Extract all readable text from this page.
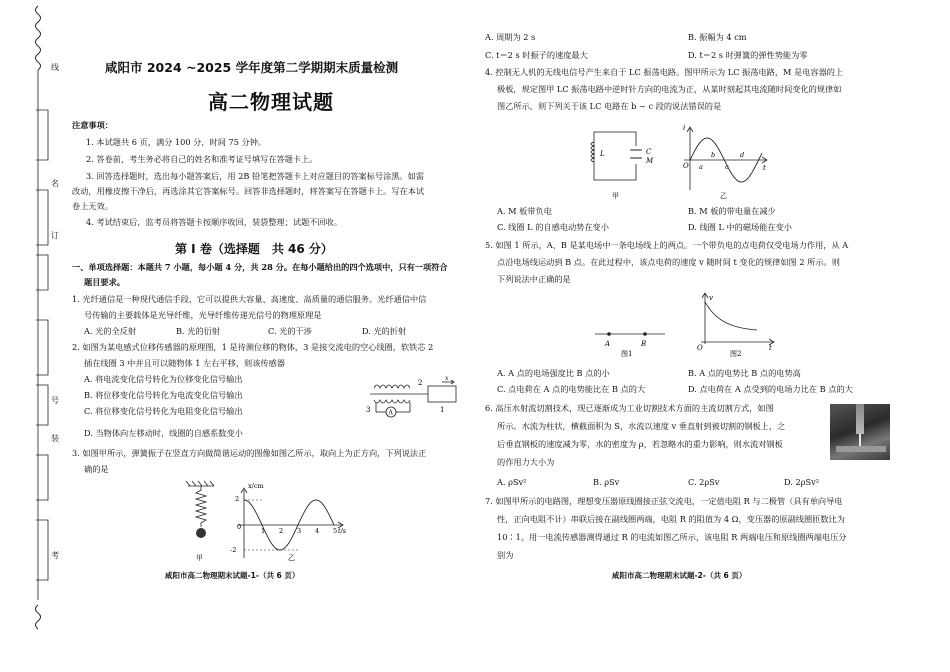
线
名
订
号
装
考
咸阳市 2024 ~2025 学年度第二学期期末质量检测
高二物理试题
注意事项：
1. 本试题共 6 页，满分 100 分，时间 75 分钟。
2. 答卷前，考生务必将自己的姓名和准考证号填写在答题卡上。
3. 回答选择题时，选出每小题答案后，用 2B 铅笔把答题卡上对应题目的答案标号涂黑。如需
改动，用橡皮擦干净后，再选涂其它答案标号。回答非选择题时，将答案写在答题卡上。写在本试
卷上无效。
4. 考试结束后，监考员将答题卡按顺序收回，装袋整理；试题不回收。
第 Ⅰ 卷（选择题　共 46 分）
一、单项选择题：本题共 7 小题，每小题 4 分，共 28 分。在每小题给出的四个选项中，只有一项符合
题目要求。
1. 光纤通信是一种现代通信手段，它可以提供大容量、高速度、高质量的通信服务。光纤通信中信
号传输的主要载体是光导纤维，光导纤维传递光信号的物理原理是
A. 光的全反射	B. 光的衍射	C. 光的干涉	D. 光的折射
2. 如图为某电感式位移传感器的原理图，1 是待测位移的物体，3 是接交流电的空心线圈，软铁芯 2
插在线圈 3 中并且可以随物体 1 左右平移，则该传感器
A. 将电流变化信号转化为位移变化信号输出
B. 将位移变化信号转化为电流变化信号输出
C. 将位移变化信号转化为电阻变化信号输出
D. 当物体向左移动时，线圈的自感系数变小
2
x
3	A	1
3. 如图甲所示，弹簧振子在竖直方向做简谐运动的图像如图乙所示，取向上为正方向，下列说法正
确的是
x/cm
t/s
2
0
-2
1 2 3 4 5
甲	乙
咸阳市高二物理期末试题-1-（共 6 页）
A. 周期为 2 s	B. 振幅为 4 cm
C. t＝2 s 时振子的速度最大	D. t＝2 s 时弹簧的弹性势能为零
4. 控制无人机的无线电信号产生来自于 LC 振荡电路。图甲所示为 LC 振荡电路，M 是电容器的上
极板，规定图甲 LC 振荡电路中逆时针方向的电流为正，从某时刻起其电流随时间变化的规律如
图乙所示，则下列关于该 LC 电路在 b ~ c 段的说法错误的是
L	C
M
i
O a
b
c
d
t
甲	乙
A. M 板带负电	B. M 板的带电量在减少
C. 线圈 L 的自感电动势在变小	D. 线圈 L 中的磁场能在变小
5. 如图 1 所示，A、B 是某电场中一条电场线上的两点。一个带负电的点电荷仅受电场力作用，从 A
点沿电场线运动到 B 点。在此过程中，该点电荷的速度 v 随时间 t 变化的规律如图 2 所示。则
下列说法中正确的是
A	B
v
O	t
图1	图2
A. A 点的电场强度比 B 点的小	B. A 点的电势比 B 点的电势高
C. 点电荷在 A 点的电势能比在 B 点的大	D. 点电荷在 A 点受到的电场力比在 B 点的大
6. 高压水射流切割技术，现已逐渐成为工业切割技术方面的主流切割方式，如图
所示。水流为柱状，横截面积为 S，水流以速度 v 垂直射到被切割的钢板上，之
后垂直钢板的速度减为零，水的密度为 ρ，若忽略水的重力影响，则水流对钢板
的作用力大小为
A. ρSv²	B. ρSv	C. 2ρSv	D. 2ρSv²
7. 如图甲所示的电路图，理想变压器原线圈接正弦交流电，一定值电阻 R 与二极管（具有单向导电
性，正向电阻不计）串联后接在副线圈两端，电阻 R 的阻值为 4 Ω，变压器的原副线圈匝数比为
10∶1。用一电流传感器测得通过 R 的电流如图乙所示，该电阻 R 两端电压和原线圈两端电压分
别为
咸阳市高二物理期末试题-2-（共 6 页）
